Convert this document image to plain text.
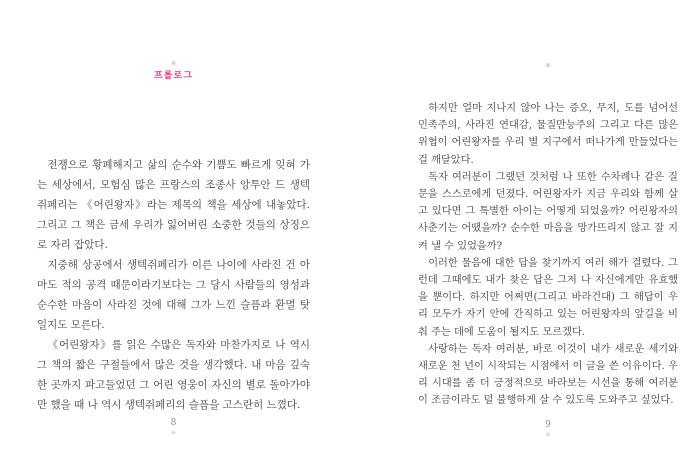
✳
프롤로그

전쟁으로 황폐해지고 삶의 순수와 기쁨도 빠르게 잊혀 가는 세상에서, 모험심 많은 프랑스의 조종사 앙투안 드 생텍쥐페리는 《어린왕자》라는 제목의 책을 세상에 내놓았다. 그리고 그 책은 금세 우리가 잃어버린 소중한 것들의 상징으로 자리 잡았다.

지중해 상공에서 생텍쥐페리가 이른 나이에 사라진 건 아마도 적의 공격 때문이라기보다는 그 당시 사람들의 영성과 순수한 마음이 사라진 것에 대해 그가 느낀 슬픔과 환멸 탓일지도 모른다.

《어린왕자》를 읽은 수많은 독자와 마찬가지로 나 역시 그 책의 짧은 구절들에서 많은 것을 생각했다. 내 마음 깊숙한 곳까지 파고들었던 그 어린 영웅이 자신의 별로 돌아가야만 했을 때 나 역시 생텍쥐페리의 슬픔을 고스란히 느꼈다.

8
✳
✳

하지만 얼마 지나지 않아 나는 증오, 무지, 도를 넘어선 민족주의, 사라진 연대감, 물질만능주의 그리고 다른 많은 위협이 어린왕자를 우리 별 지구에서 떠나가게 만들었다는 걸 깨달았다.

독자 여러분이 그랬던 것처럼 나 또한 수차례나 같은 질문을 스스로에게 던졌다. 어린왕자가 지금 우리와 함께 살고 있다면 그 특별한 아이는 어떻게 되었을까? 어린왕자의 사춘기는 어땠을까? 순수한 마음을 망가뜨리지 않고 잘 지켜 낼 수 있었을까?

이러한 물음에 대한 답을 찾기까지 여러 해가 걸렸다. 그런데 그때에도 내가 찾은 답은 그저 나 자신에게만 유효했을 뿐이다. 하지만 어쩌면(그리고 바라건대) 그 해답이 우리 모두가 자기 안에 간직하고 있는 어린왕자의 앞길을 비춰 주는 데에 도움이 될지도 모르겠다.

사랑하는 독자 여러분, 바로 이것이 내가 새로운 세기와 새로운 천 년이 시작되는 시점에서 이 글을 쓴 이유이다. 우리 시대를 좀 더 긍정적으로 바라보는 시선을 통해 여러분이 조금이라도 덜 불행하게 살 수 있도록 도와주고 싶었다.

9
✳
